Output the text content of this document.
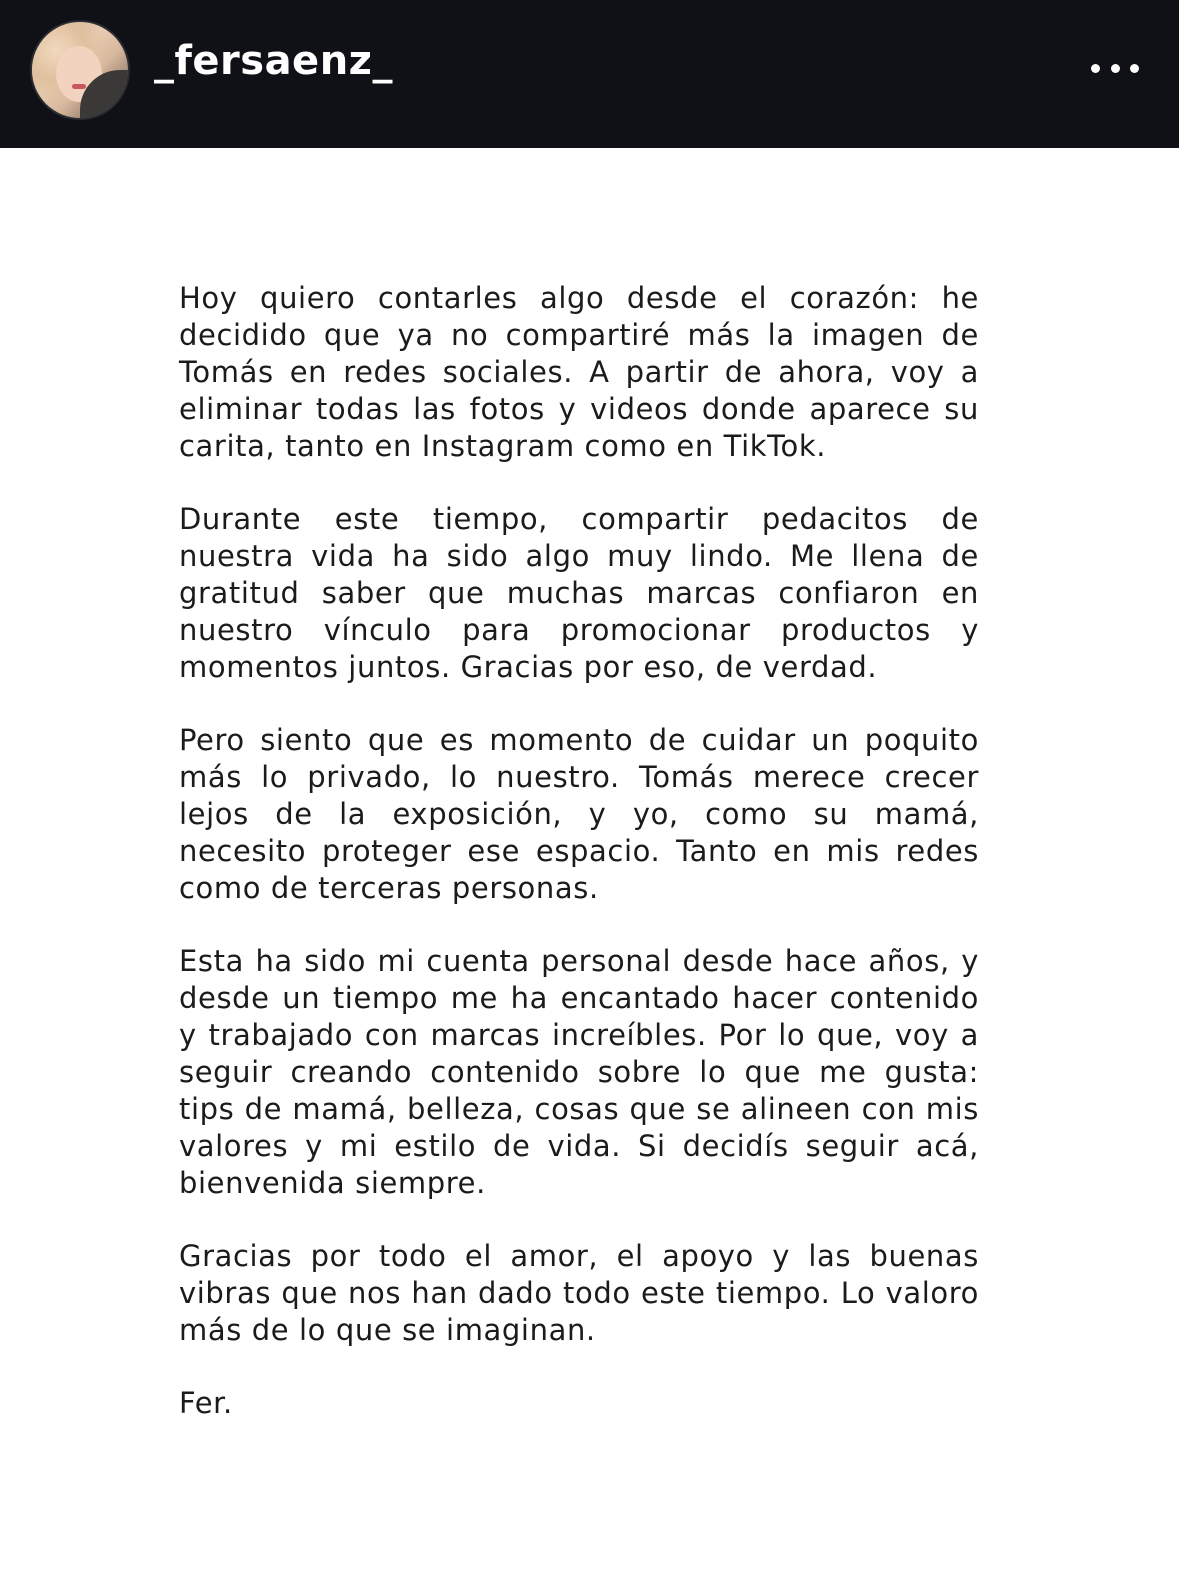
_fersaenz_

Hoy quiero contarles algo desde el corazón: he decidido que ya no compartiré más la imagen de Tomás en redes sociales. A partir de ahora, voy a eliminar todas las fotos y videos donde aparece su carita, tanto en Instagram como en TikTok.

Durante este tiempo, compartir pedacitos de nuestra vida ha sido algo muy lindo. Me llena de gratitud saber que muchas marcas confiaron en nuestro vínculo para promocionar productos y momentos juntos. Gracias por eso, de verdad.

Pero siento que es momento de cuidar un poquito más lo privado, lo nuestro. Tomás merece crecer lejos de la exposición, y yo, como su mamá, necesito proteger ese espacio. Tanto en mis redes como de terceras personas.

Esta ha sido mi cuenta personal desde hace años, y desde un tiempo me ha encantado hacer contenido y trabajado con marcas increíbles. Por lo que, voy a seguir creando contenido sobre lo que me gusta: tips de mamá, belleza, cosas que se alineen con mis valores y mi estilo de vida. Si decidís seguir acá, bienvenida siempre.

Gracias por todo el amor, el apoyo y las buenas vibras que nos han dado todo este tiempo. Lo valoro más de lo que se imaginan.

Fer.
